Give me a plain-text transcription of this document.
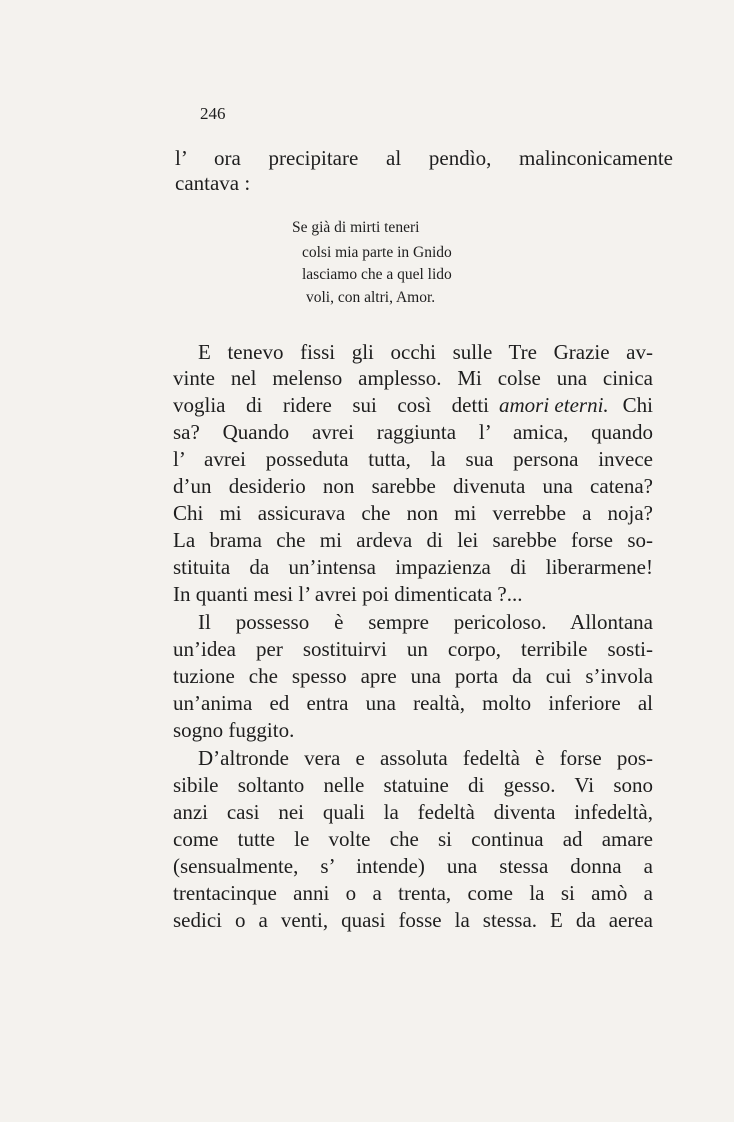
246
l’ ora precipitare al pendìo, malinconicamente
cantava :
Se già di mirti teneri
colsi mia parte in Gnido
lasciamo che a quel lido
voli, con altri, Amor.
E tenevo fissi gli occhi sulle Tre Grazie av-
vinte nel melenso amplesso. Mi colse una cinica
voglia di ridere sui così detti amori eterni. Chi
sa? Quando avrei raggiunta l’ amica, quando
l’ avrei posseduta tutta, la sua persona invece
d’un desiderio non sarebbe divenuta una catena?
Chi mi assicurava che non mi verrebbe a noja?
La brama che mi ardeva di lei sarebbe forse so-
stituita da un’intensa impazienza di liberarmene!
In quanti mesi l’ avrei poi dimenticata ?...
Il possesso è sempre pericoloso. Allontana
un’idea per sostituirvi un corpo, terribile sosti-
tuzione che spesso apre una porta da cui s’invola
un’anima ed entra una realtà, molto inferiore al
sogno fuggito.
D’altronde vera e assoluta fedeltà è forse pos-
sibile soltanto nelle statuine di gesso. Vi sono
anzi casi nei quali la fedeltà diventa infedeltà,
come tutte le volte che si continua ad amare
(sensualmente, s’ intende) una stessa donna a
trentacinque anni o a trenta, come la si amò a
sedici o a venti, quasi fosse la stessa. E da aerea
